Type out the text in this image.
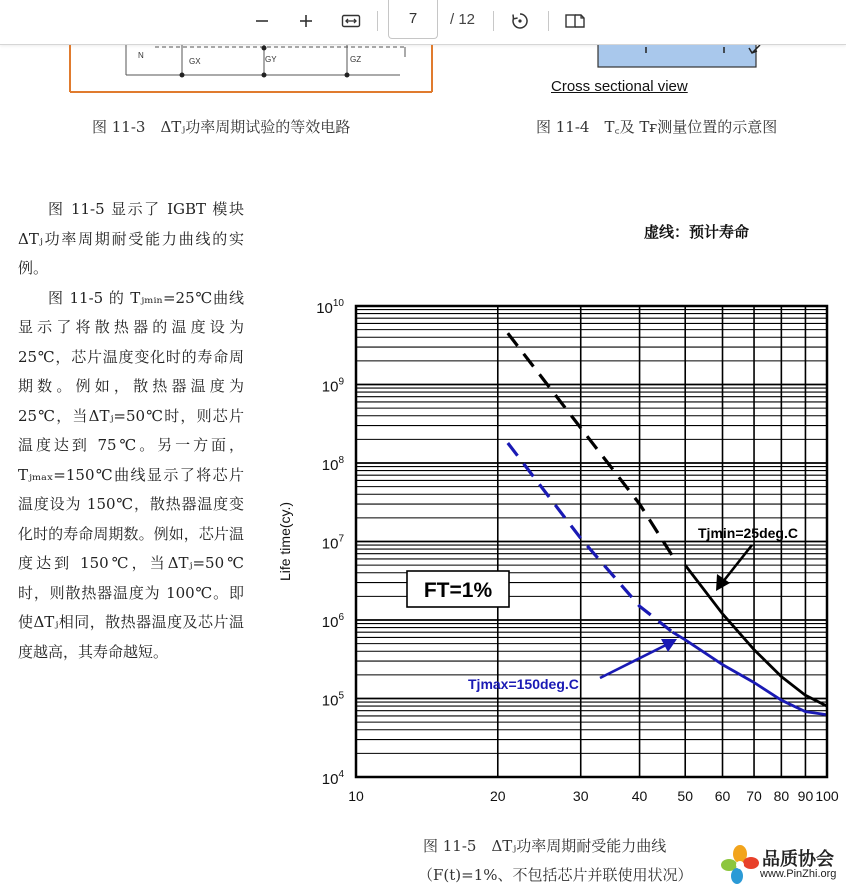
7	/ 12
N
GX	GY	GZ
Cross sectional view
图 11-3　ΔTⱼ功率周期试验的等效电路	图 11-4　T꜀及 Tғ测量位置的示意图

图 11-5 显示了 IGBT 模块ΔTⱼ功率周期耐受能力曲线的实例。

图 11-5 的 Tⱼₘᵢₙ=25℃曲线显示了将散热器的温度设为 25℃，芯片温度变化时的寿命周期数。例如，散热器温度为 25℃，当ΔTⱼ=50℃时，则芯片温度达到 75℃。另一方面，Tⱼₘₐₓ=150℃曲线显示了将芯片温度设为 150℃，散热器温度变化时的寿命周期数。例如，芯片温度达到 150℃，当ΔTⱼ=50℃时，则散热器温度为 100℃。即使ΔTⱼ相同，散热器温度及芯片温度越高，其寿命越短。

虚线：预计寿命
10	20	30	40 50 60 70 80 90 100
$10^4$
$10^5$
$10^6$
$10^7$
$10^8$
$10^9$
$10^{10}$
Life time(cy.)
FT=1%
Tjmin=25deg.C
Tjmax=150deg.C
图 11-5　ΔTⱼ功率周期耐受能力曲线
（F(t)=1%、不包括芯片并联使用状况）
品质协会
www.PinZhi.org
